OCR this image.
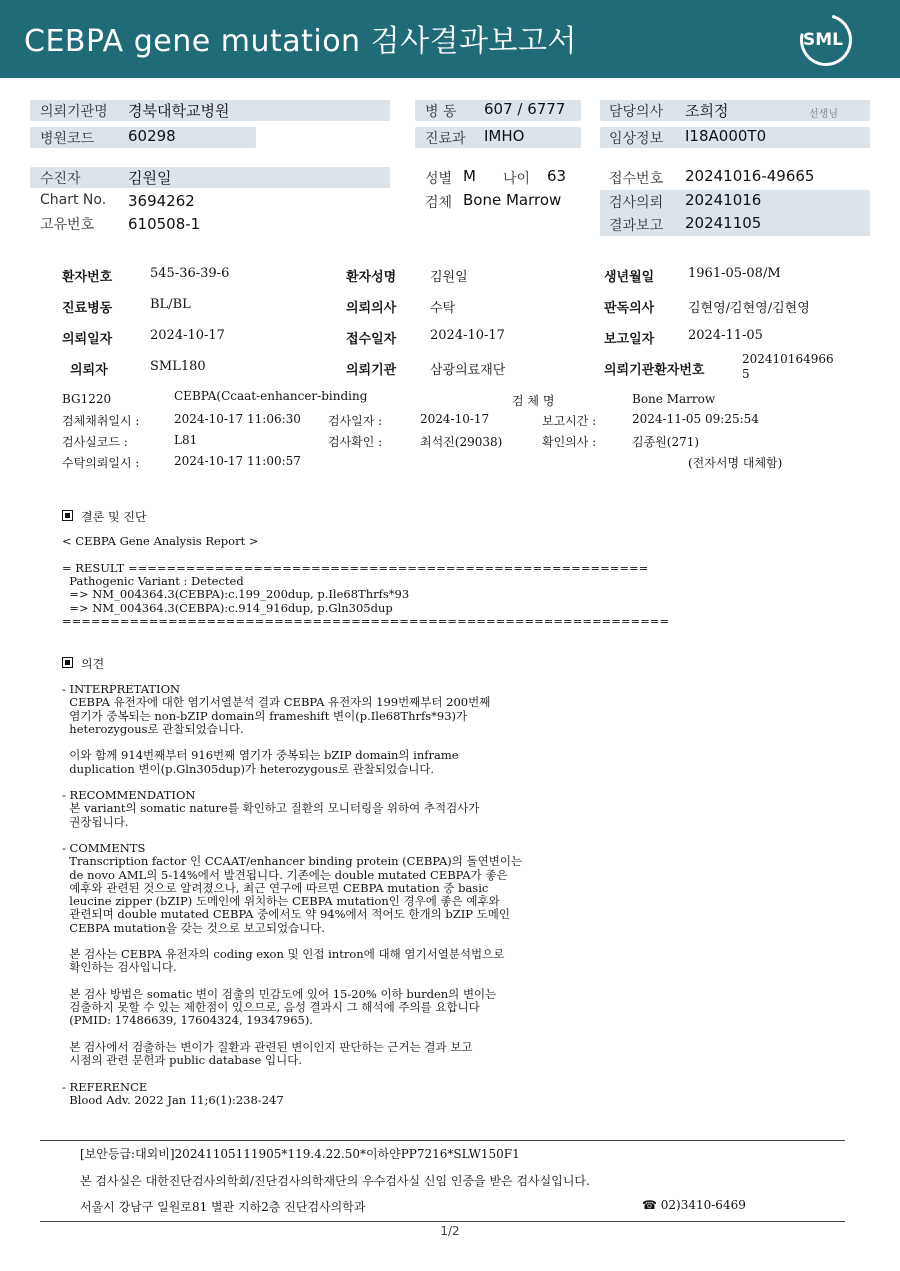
CEBPA gene mutation 검사결과보고서	SML
의뢰기관명 경북대학교병원
병원코드 60298
병 동 607 / 6777
진료과 IMHO
담당의사 조희정	선생님
임상정보 I18A000T0
수진자	김원일
Chart No. 3694262
고유번호 610508-1
성별 M 나이 63
검체 Bone Marrow
접수번호 20241016-49665
검사의뢰 20241016
결과보고 20241105
환자번호	545-36-39-6	환자성명	김원일	생년월일	1961-05-08/M
진료병동	BL/BL	의뢰의사	수탁	판독의사	김현영/김현영/김현영
의뢰일자	2024-10-17	접수일자	2024-10-17	보고일자	2024-11-05
의뢰자	SML180	의뢰기관	삼광의료재단	의뢰기관환자번호
202410164966
5
BG1220	CEBPA(Ccaat-enhancer-binding	검 체 명	Bone Marrow
검체채취일시 :	2024-10-17 11:06:30 검사일자 :	2024-10-17	보고시간 :	2024-11-05 09:25:54
검사실코드 :	L81	검사확인 :	최석진(29038)	확인의사 :	김종원(271)
수탁의뢰일시 :	2024-10-17 11:00:57	(전자서명 대체함)
결론 및 진단
< CEBPA Gene Analysis Report >
= RESULT ======================================================
Pathogenic Variant : Detected
=> NM_004364.3(CEBPA):c.199_200dup, p.Ile68Thrfs*93
=> NM_004364.3(CEBPA):c.914_916dup, p.Gln305dup
===============================================================
의견
- INTERPRETATION
CEBPA 유전자에 대한 염기서열분석 결과 CEBPA 유전자의 199번째부터 200번째
염기가 중복되는 non-bZIP domain의 frameshift 변이(p.Ile68Thrfs*93)가
heterozygous로 관찰되었습니다.
이와 함께 914번째부터 916번째 염기가 중복되는 bZIP domain의 inframe
duplication 변이(p.Gln305dup)가 heterozygous로 관찰되었습니다.
- RECOMMENDATION
본 variant의 somatic nature를 확인하고 질환의 모니터링을 위하여 추적검사가
권장됩니다.
- COMMENTS
Transcription factor 인 CCAAT/enhancer binding protein (CEBPA)의 돌연변이는
de novo AML의 5-14%에서 발견됩니다. 기존에는 double mutated CEBPA가 좋은
예후와 관련된 것으로 알려졌으나, 최근 연구에 따르면 CEBPA mutation 중 basic
leucine zipper (bZIP) 도메인에 위치하는 CEBPA mutation인 경우에 좋은 예후와
관련되며 double mutated CEBPA 중에서도 약 94%에서 적어도 한개의 bZIP 도메인
CEBPA mutation을 갖는 것으로 보고되었습니다.
본 검사는 CEBPA 유전자의 coding exon 및 인접 intron에 대해 염기서열분석법으로
확인하는 검사입니다.
본 검사 방법은 somatic 변이 검출의 민감도에 있어 15-20% 이하 burden의 변이는
검출하지 못할 수 있는 제한점이 있으므로, 음성 결과시 그 해석에 주의를 요합니다
(PMID: 17486639, 17604324, 19347965).
본 검사에서 검출하는 변이가 질환과 관련된 변이인지 판단하는 근거는 결과 보고
시점의 관련 문헌과 public database 입니다.
- REFERENCE
Blood Adv. 2022 Jan 11;6(1):238-247
[보안등급:대외비]20241105111905*119.4.22.50*이하얀PP7216*SLW150F1
본 검사실은 대한진단검사의학회/진단검사의학재단의 우수검사실 신임 인증을 받은 검사실입니다.
서울시 강남구 일원로81 별관 지하2층 진단검사의학과	☎ 02)3410-6469
1/2
